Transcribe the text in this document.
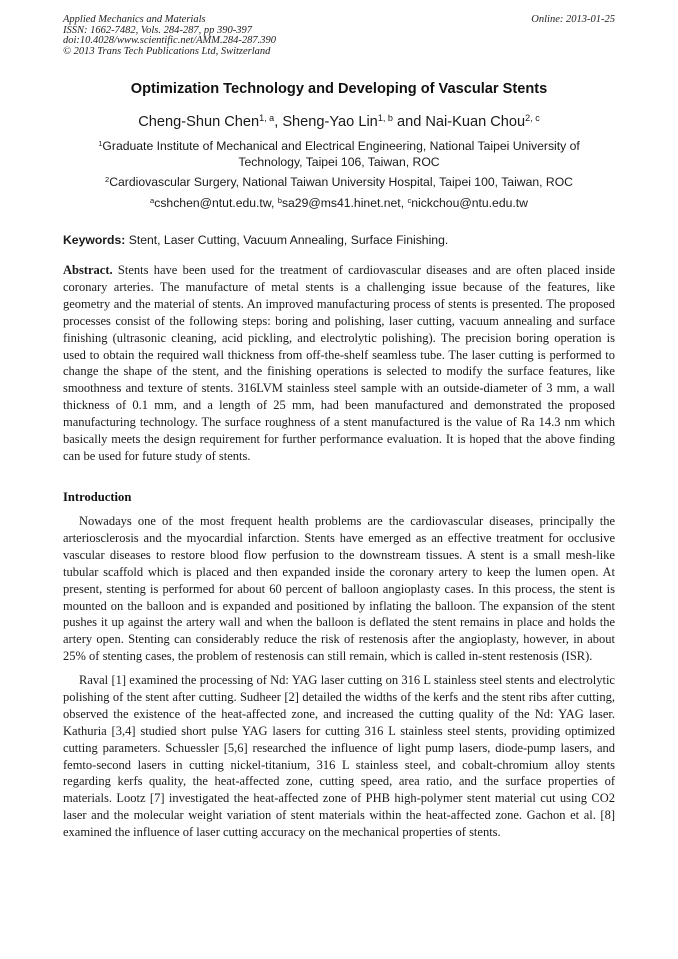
Applied Mechanics and Materials
ISSN: 1662-7482, Vols. 284-287, pp 390-397
doi:10.4028/www.scientific.net/AMM.284-287.390
© 2013 Trans Tech Publications Ltd, Switzerland
Online: 2013-01-25
Optimization Technology and Developing of Vascular Stents
Cheng-Shun Chen$^{1, a}$, Sheng-Yao Lin$^{1, b}$ and Nai-Kuan Chou$^{2, c}$
$^1$Graduate Institute of Mechanical and Electrical Engineering, National Taipei University of Technology, Taipei 106, Taiwan, ROC
$^2$Cardiovascular Surgery, National Taiwan University Hospital, Taipei 100, Taiwan, ROC
$^a$cshchen@ntut.edu.tw, $^b$sa29@ms41.hinet.net, $^c$nickchou@ntu.edu.tw
Keywords: Stent, Laser Cutting, Vacuum Annealing, Surface Finishing.
Abstract. Stents have been used for the treatment of cardiovascular diseases and are often placed inside coronary arteries. The manufacture of metal stents is a challenging issue because of the features, like geometry and the material of stents. An improved manufacturing process of stents is presented. The proposed processes consist of the following steps: boring and polishing, laser cutting, vacuum annealing and surface finishing (ultrasonic cleaning, acid pickling, and electrolytic polishing). The precision boring operation is used to obtain the required wall thickness from off-the-shelf seamless tube. The laser cutting is performed to change the shape of the stent, and the finishing operations is selected to modify the surface features, like smoothness and texture of stents. 316LVM stainless steel sample with an outside-diameter of 3 mm, a wall thickness of 0.1 mm, and a length of 25 mm, had been manufactured and demonstrated the proposed manufacturing technology. The surface roughness of a stent manufactured is the value of Ra 14.3 nm which basically meets the design requirement for further performance evaluation. It is hoped that the above finding can be used for future study of stents.
Introduction
Nowadays one of the most frequent health problems are the cardiovascular diseases, principally the arteriosclerosis and the myocardial infarction. Stents have emerged as an effective treatment for occlusive vascular diseases to restore blood flow perfusion to the downstream tissues. A stent is a small mesh-like tubular scaffold which is placed and then expanded inside the coronary artery to keep the lumen open. At present, stenting is performed for about 60 percent of balloon angioplasty cases. In this process, the stent is mounted on the balloon and is expanded and positioned by inflating the balloon. The expansion of the stent pushes it up against the artery wall and when the balloon is deflated the stent remains in place and holds the artery open. Stenting can considerably reduce the risk of restenosis after the angioplasty, however, in about 25% of stenting cases, the problem of restenosis can still remain, which is called in-stent restenosis (ISR).
Raval [1] examined the processing of Nd: YAG laser cutting on 316 L stainless steel stents and electrolytic polishing of the stent after cutting. Sudheer [2] detailed the widths of the kerfs and the stent ribs after cutting, observed the existence of the heat-affected zone, and increased the cutting quality of the Nd: YAG laser. Kathuria [3,4] studied short pulse YAG lasers for cutting 316 L stainless steel stents, providing optimized cutting parameters. Schuessler [5,6] researched the influence of light pump lasers, diode-pump lasers, and femto-second lasers in cutting nickel-titanium, 316 L stainless steel, and cobalt-chromium alloy stents regarding kerfs quality, the heat-affected zone, cutting speed, area ratio, and the surface properties of materials. Lootz [7] investigated the heat-affected zone of PHB high-polymer stent material cut using CO2 laser and the molecular weight variation of stent materials within the heat-affected zone. Gachon et al. [8] examined the influence of laser cutting accuracy on the mechanical properties of stents.
